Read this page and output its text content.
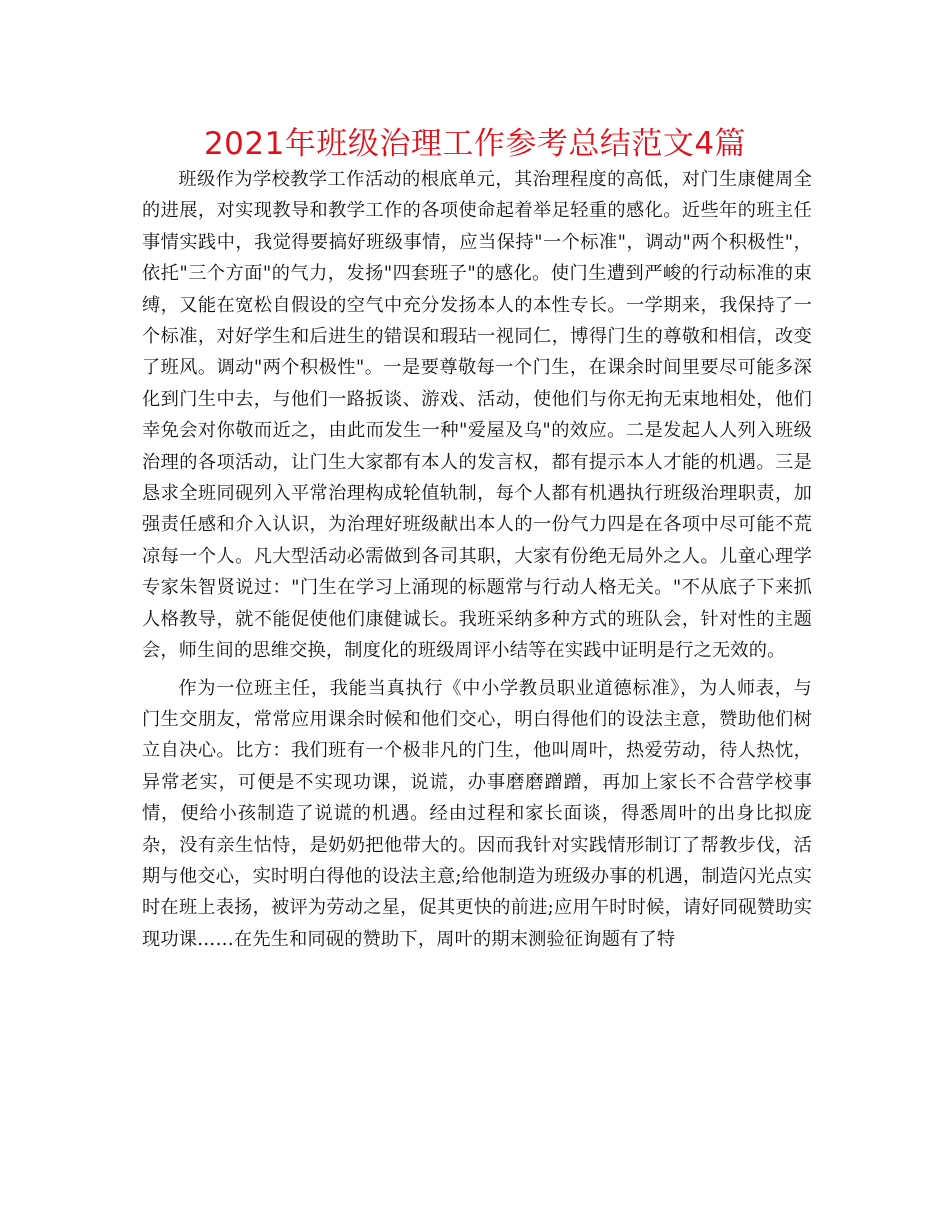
2021年班级治理工作参考总结范文4篇

班级作为学校教学工作活动的根底单元，其治理程度的高低，对门生康健周全的进展，对实现教导和教学工作的各项使命起着举足轻重的感化。近些年的班主任事情实践中，我觉得要搞好班级事情，应当保持"一个标准"，调动"两个积极性"，依托"三个方面"的气力，发扬"四套班子"的感化。使门生遭到严峻的行动标准的束缚，又能在宽松自假设的空气中充分发扬本人的本性专长。一学期来，我保持了一个标准，对好学生和后进生的错误和瑕玷一视同仁，博得门生的尊敬和相信，改变了班风。调动"两个积极性"。一是要尊敬每一个门生，在课余时间里要尽可能多深化到门生中去，与他们一路扳谈、游戏、活动，使他们与你无拘无束地相处，他们幸免会对你敬而近之，由此而发生一种"爱屋及乌"的效应。二是发起人人列入班级治理的各项活动，让门生大家都有本人的发言权，都有提示本人才能的机遇。三是恳求全班同砚列入平常治理构成轮值轨制，每个人都有机遇执行班级治理职责，加强责任感和介入认识，为治理好班级献出本人的一份气力四是在各项中尽可能不荒凉每一个人。凡大型活动必需做到各司其职，大家有份绝无局外之人。儿童心理学专家朱智贤说过："门生在学习上涌现的标题常与行动人格无关。"不从底子下来抓人格教导，就不能促使他们康健诚长。我班采纳多种方式的班队会，针对性的主题会，师生间的思维交换，制度化的班级周评小结等在实践中证明是行之无效的。

作为一位班主任，我能当真执行《中小学教员职业道德标准》，为人师表，与门生交朋友，常常应用课余时候和他们交心，明白得他们的设法主意，赞助他们树立自决心。比方：我们班有一个极非凡的门生，他叫周叶，热爱劳动，待人热忱，异常老实，可便是不实现功课，说谎，办事磨磨蹭蹭，再加上家长不合营学校事情，便给小孩制造了说谎的机遇。经由过程和家长面谈，得悉周叶的出身比拟庞杂，没有亲生怙恃，是奶奶把他带大的。因而我针对实践情形制订了帮教步伐，活期与他交心，实时明白得他的设法主意;给他制造为班级办事的机遇，制造闪光点实时在班上表扬，被评为劳动之星，促其更快的前进;应用午时时候，请好同砚赞助实现功课……在先生和同砚的赞助下，周叶的期末测验征询题有了特
